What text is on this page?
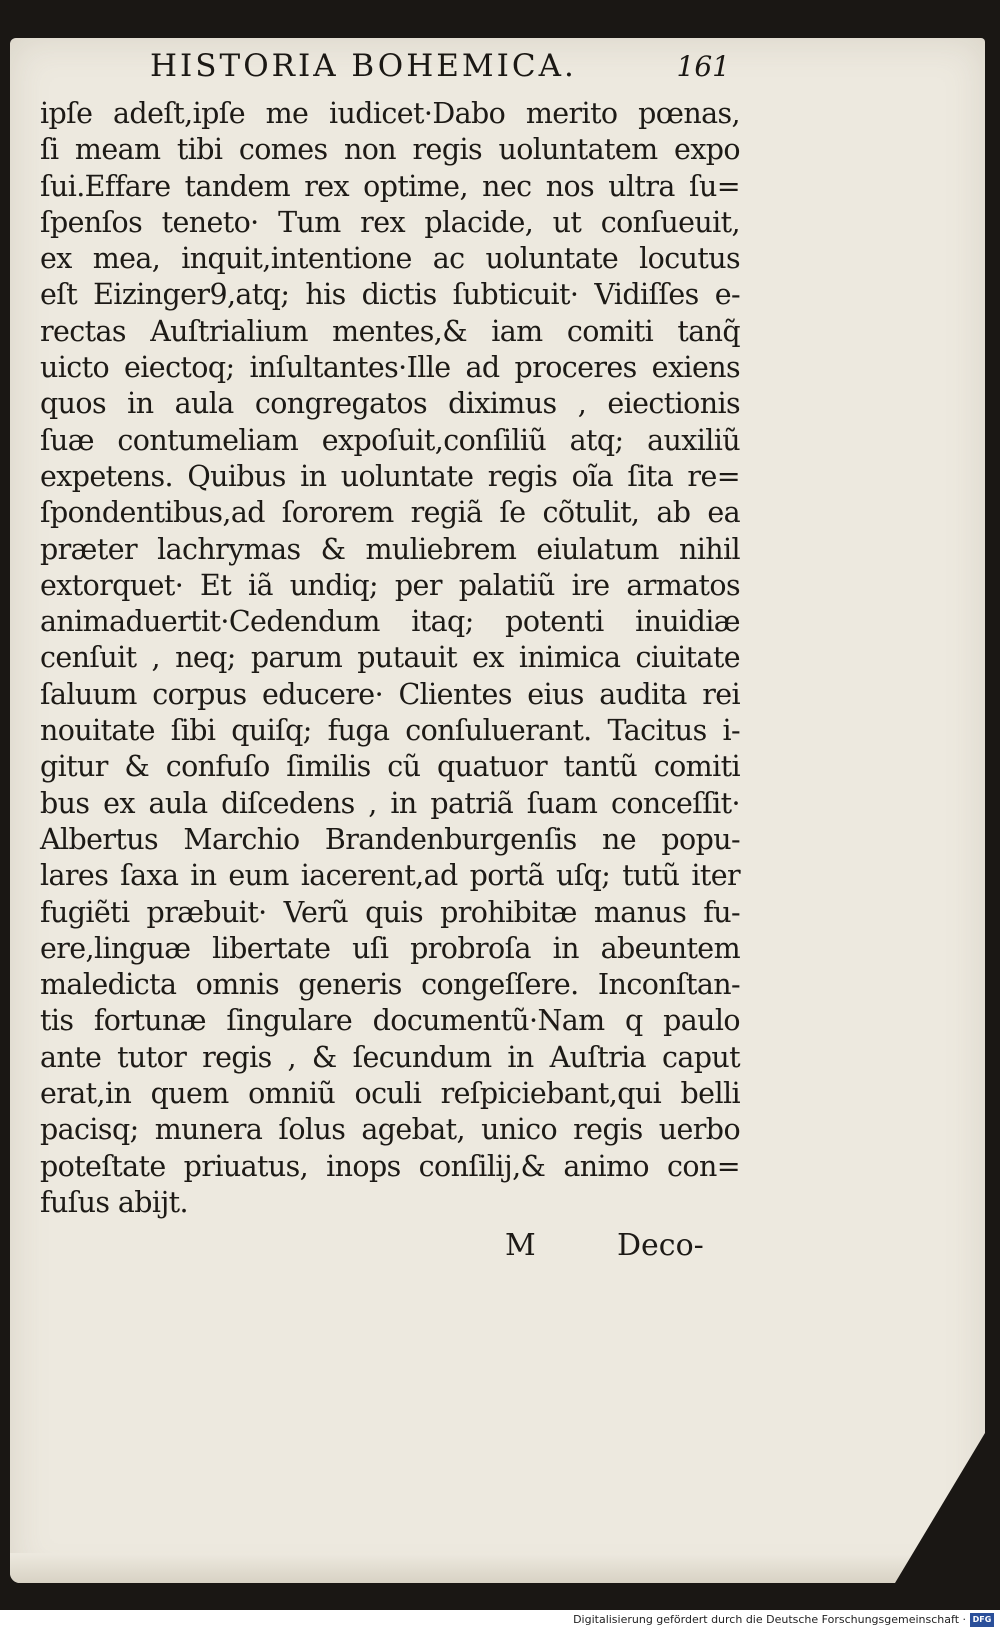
HISTORIA BOHEMICA.	161
ipſe adeſt,ipſe me iudicet·Dabo merito pœnas,
ſi meam tibi comes non regis uoluntatem expo
ſui.Effare tandem rex optime, nec nos ultra ſu=
ſpenſos teneto· Tum rex placide, ut conſueuit,
ex mea, inquit,intentione ac uoluntate locutus
eſt Eizinger9,atq; his dictis ſubticuit· Vidiſſes e-
rectas Auſtrialium mentes,& iam comiti tanq̃
uicto eiectoq; inſultantes·Ille ad proceres exiens
quos in aula congregatos diximus , eiectionis
ſuæ contumeliam expoſuit,conſiliũ atq; auxiliũ
expetens. Quibus in uoluntate regis oĩa ſita re=
ſpondentibus,ad ſororem regiã ſe cõtulit, ab ea
præter lachrymas & muliebrem eiulatum nihil
extorquet· Et iã undiq; per palatiũ ire armatos
animaduertit·Cedendum itaq; potenti inuidiæ
cenſuit , neq; parum putauit ex inimica ciuitate
ſaluum corpus educere· Clientes eius audita rei
nouitate ſibi quiſq; fuga conſuluerant. Tacitus i-
gitur & confuſo ſimilis cũ quatuor tantũ comiti
bus ex aula diſcedens , in patriã ſuam conceſſit·
Albertus Marchio Brandenburgenſis ne popu-
lares ſaxa in eum iacerent,ad portã uſq; tutũ iter
fugiẽti præbuit· Verũ quis prohibitæ manus fu-
ere,linguæ libertate uſi probroſa in abeuntem
maledicta omnis generis congeſſere. Inconſtan-
tis fortunæ ſingulare documentũ·Nam q paulo
ante tutor regis , & ſecundum in Auſtria caput
erat,in quem omniũ oculi reſpiciebant,qui belli
pacisq; munera ſolus agebat, unico regis uerbo
poteſtate priuatus, inops conſilij,& animo con=
fuſus abijt.
M	Deco-
Digitalisierung gefördert durch die Deutsche Forschungsgemeinschaft · DFG
